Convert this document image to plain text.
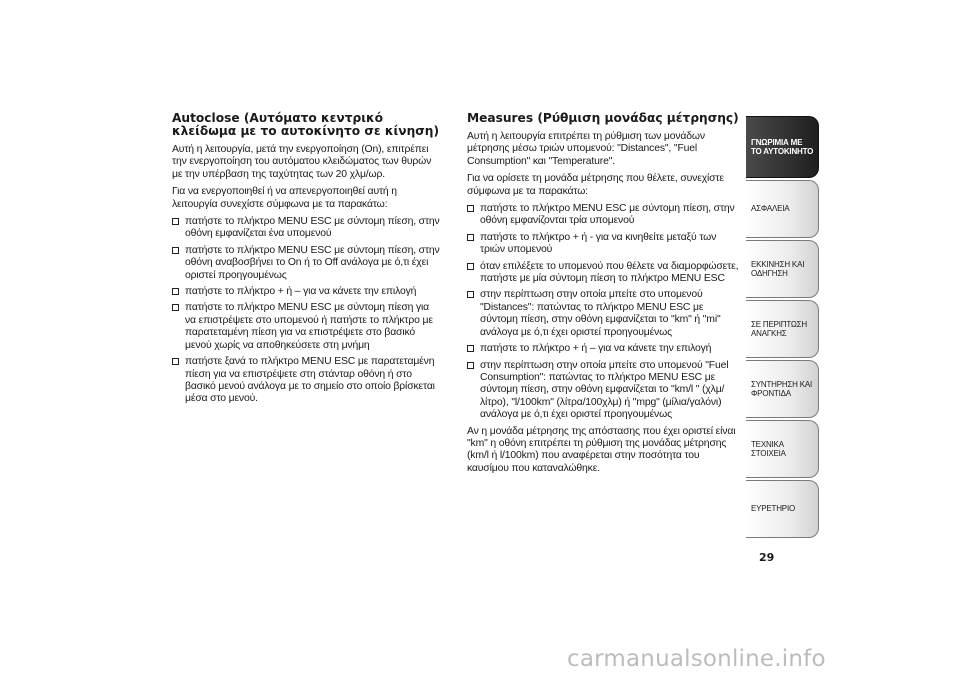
Autoclose (Αυτόματο κεντρικό κλείδωμα με το αυτοκίνητο σε κίνηση)

Αυτή η λειτουργία, μετά την ενεργοποίηση (On), επιτρέπει την ενεργοποίηση του αυτόματου κλειδώματος των θυρών με την υπέρβαση της ταχύτητας των 20 χλμ/ωρ.

Για να ενεργοποιηθεί ή να απενεργοποιηθεί αυτή η λειτουργία συνεχίστε σύμφωνα με τα παρακάτω:

πατήστε το πλήκτρο MENU ESC με σύντομη πίεση, στην οθόνη εμφανίζεται ένα υπομενού
πατήστε το πλήκτρο MENU ESC με σύντομη πίεση, στην οθόνη αναβοσβήνει το On ή το Off ανάλογα με ό,τι έχει οριστεί προηγουμένως
πατήστε το πλήκτρο + ή – για να κάνετε την επιλογή
πατήστε το πλήκτρο MENU ESC με σύντομη πίεση για να επιστρέψετε στο υπομενού ή πατήστε το πλήκτρο με παρατεταμένη πίεση για να επιστρέψετε στο βασικό μενού χωρίς να αποθηκεύσετε στη μνήμη
πατήστε ξανά το πλήκτρο MENU ESC με παρατεταμένη πίεση για να επιστρέψετε στη στάνταρ οθόνη ή στο βασικό μενού ανάλογα με το σημείο στο οποίο βρίσκεται μέσα στο μενού.
Measures (Ρύθμιση μονάδας μέτρησης)

Αυτή η λειτουργία επιτρέπει τη ρύθμιση των μονάδων μέτρησης μέσω τριών υπομενού: "Distances", "Fuel Consumption" και "Temperature".

Για να ορίσετε τη μονάδα μέτρησης που θέλετε, συνεχίστε σύμφωνα με τα παρακάτω:

πατήστε το πλήκτρο MENU ESC με σύντομη πίεση, στην οθόνη εμφανίζονται τρία υπομενού
πατήστε το πλήκτρο + ή - για να κινηθείτε μεταξύ των τριών υπομενού
όταν επιλέξετε το υπομενού που θέλετε να διαμορφώσετε, πατήστε με μία σύντομη πίεση το πλήκτρο MENU ESC
στην περίπτωση στην οποία μπείτε στο υπομενού "Distances": πατώντας το πλήκτρο MENU ESC με σύντομη πίεση, στην οθόνη εμφανίζεται το "km" ή "mi" ανάλογα με ό,τι έχει οριστεί προηγουμένως
πατήστε το πλήκτρο + ή – για να κάνετε την επιλογή
στην περίπτωση στην οποία μπείτε στο υπομενού "Fuel Consumption": πατώντας το πλήκτρο MENU ESC με σύντομη πίεση, στην οθόνη εμφανίζεται το "km/l " (χλμ/λίτρο), "l/100km" (λίτρα/100χλμ) ή "mpg" (μίλια/γαλόνι) ανάλογα με ό,τι έχει οριστεί προηγουμένως

Αν η μονάδα μέτρησης της απόστασης που έχει οριστεί είναι "km" η οθόνη επιτρέπει τη ρύθμιση της μονάδας μέτρησης (km/l ή l/100km) που αναφέρεται στην ποσότητα του καυσίμου που καταναλώθηκε.

ΓΝΩΡΙΜΙΑ ΜΕ ΤΟ ΑΥΤΟΚΙΝΗΤΟ
ΑΣΦΑΛΕΙΑ
ΕΚΚΙΝΗΣΗ ΚΑΙ ΟΔΗΓΗΣΗ
ΣΕ ΠΕΡΙΠΤΩΣΗ ΑΝΑΓΚΗΣ
ΣΥΝΤΗΡΗΣΗ ΚΑΙ ΦΡΟΝΤΙΔΑ
ΤΕΧΝΙΚΑ ΣΤΟΙΧΕΙΑ
ΕΥΡΕΤΗΡΙΟ
29
carmanualsonline.info
